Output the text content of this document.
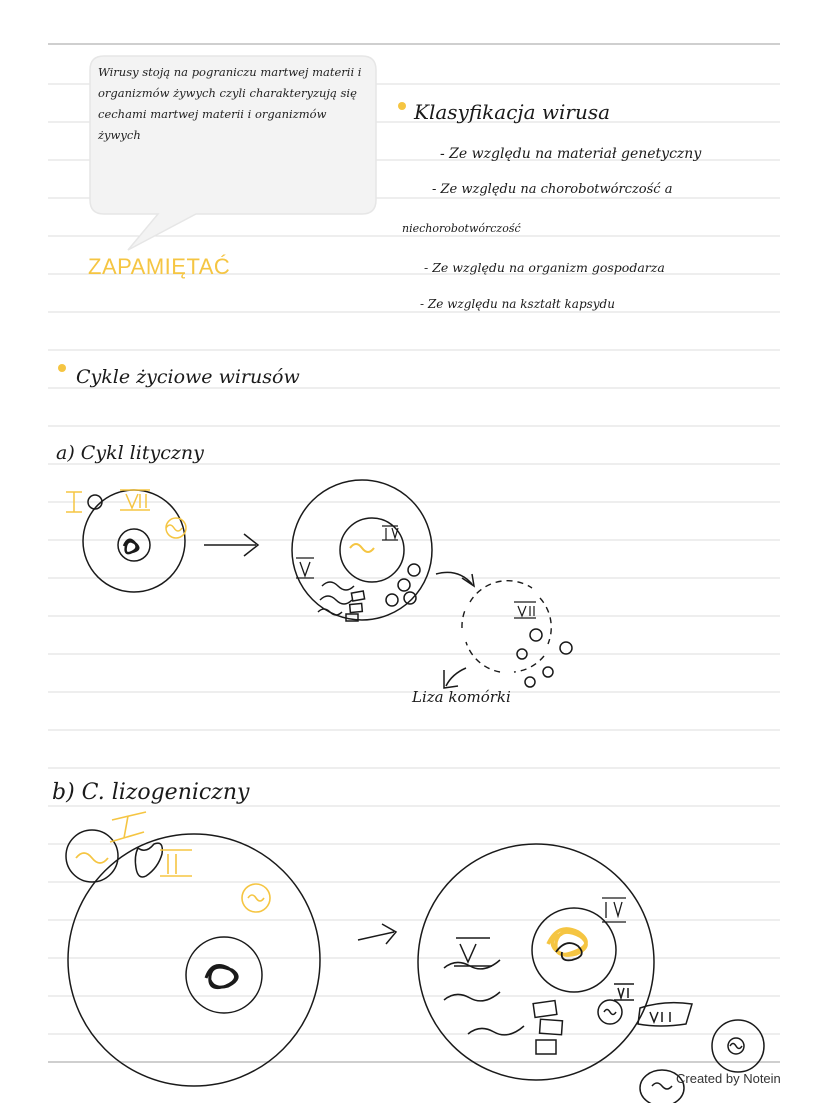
Wirusy stoją na pograniczu martwej materii i organizmów żywych czyli charakteryzują się cechami martwej materii i organizmów żywych
ZAPAMIĘTAĆ
Klasyfikacja wirusa
- Ze względu na materiał genetyczny
- Ze względu na chorobotwórczość a
niechorobotwórczość
- Ze względu na organizm gospodarza
- Ze względu na kształt kapsydu
Cykle życiowe wirusów
a) Cykl lityczny
Liza komórki
b) C. lizogeniczny
Created by Notein
